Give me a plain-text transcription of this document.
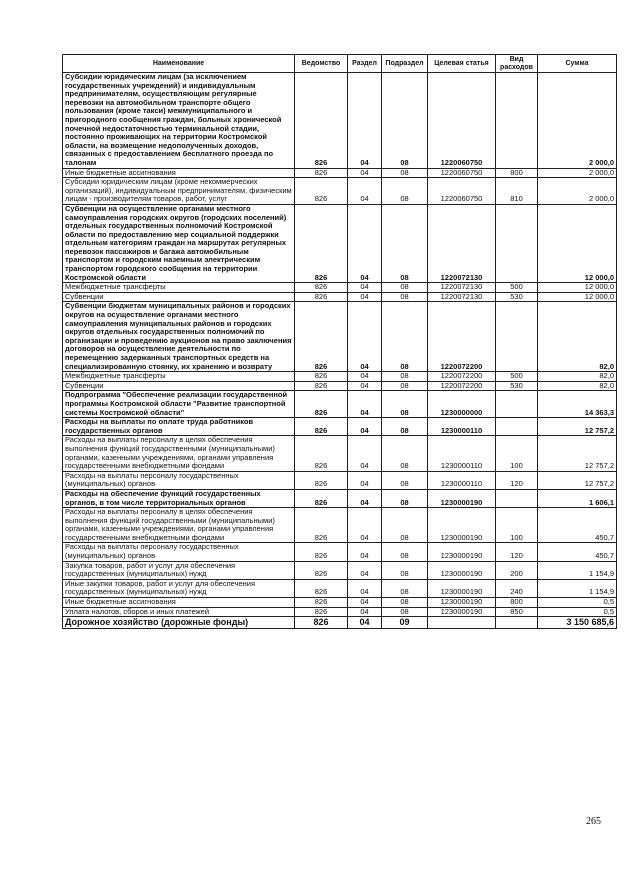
Наименование	Ведомство	Раздел	Подраздел	Целевая статья	Вид расходов	Сумма
Субсидии юридическим лицам (за исключением государственных учреждений) и индивидуальным предпринимателям, осуществляющим регулярные перевозки на автомобильном транспорте общего пользования (кроме такси) межмуниципального и пригородного сообщения граждан, больных хронической почечной недостаточностью терминальной стадии, постоянно проживающих на территории Костромской области, на возмещение недополученных доходов, связанных с предоставлением бесплатного проезда по талонам	826	04	08	1220060750		2 000,0
Иные бюджетные ассигнования	826	04	08	1220060750	800	2 000,0
Субсидии юридическим лицам (кроме некоммерческих организаций), индивидуальным предпринимателям, физическим лицам - производителям товаров, работ, услуг	826	04	08	1220060750	810	2 000,0
Субвенции на осуществление органами местного самоуправления городских округов (городских поселений) отдельных государственных полномочий Костромской области по предоставлению мер социальной поддержки отдельным категориям граждан на маршрутах регулярных перевозок пассажиров и багажа автомобильным транспортом и городским наземным электрическим транспортом городского сообщения на территории Костромской области	826	04	08	1220072130		12 000,0
Межбюджетные трансферты	826	04	08	1220072130	500	12 000,0
Субвенции	826	04	08	1220072130	530	12 000,0
Субвенции бюджетам муниципальных районов и городских округов на осуществление органами местного самоуправления муниципальных районов и городских округов отдельных государственных полномочий по организации и проведению аукционов на право заключения договоров на осуществление деятельности по перемещению задержанных транспортных средств на специализированную стоянку, их хранению и возврату	826	04	08	1220072200		82,0
Межбюджетные трансферты	826	04	08	1220072200	500	82,0
Субвенции	826	04	08	1220072200	530	82,0
Подпрограмма "Обеспечение реализации государственной программы Костромской области "Развитие транспортной системы Костромской области"	826	04	08	1230000000		14 363,3
Расходы на выплаты по оплате труда работников государственных органов	826	04	08	1230000110		12 757,2
Расходы на выплаты персоналу в целях обеспечения выполнения функций государственными (муниципальными) органами, казенными учреждениями, органами управления государственными внебюджетными фондами	826	04	08	1230000110	100	12 757,2
Расходы на выплаты персоналу государственных (муниципальных) органов	826	04	08	1230000110	120	12 757,2
Расходы на обеспечение функций государственных органов, в том числе территориальных органов	826	04	08	1230000190		1 606,1
Расходы на выплаты персоналу в целях обеспечения выполнения функций государственными (муниципальными) органами, казенными учреждениями, органами управления государственными внебюджетными фондами	826	04	08	1230000190	100	450,7
Расходы на выплаты персоналу государственных (муниципальных) органов	826	04	08	1230000190	120	450,7
Закупка товаров, работ и услуг для обеспечения государственных (муниципальных) нужд	826	04	08	1230000190	200	1 154,9
Иные закупки товаров, работ и услуг для обеспечения государственных (муниципальных) нужд	826	04	08	1230000190	240	1 154,9
Иные бюджетные ассигнования	826	04	08	1230000190	800	0,5
Уплата налогов, сборов и иных платежей	826	04	08	1230000190	850	0,5
Дорожное хозяйство (дорожные фонды)	826	04	09			3 150 685,6
265
